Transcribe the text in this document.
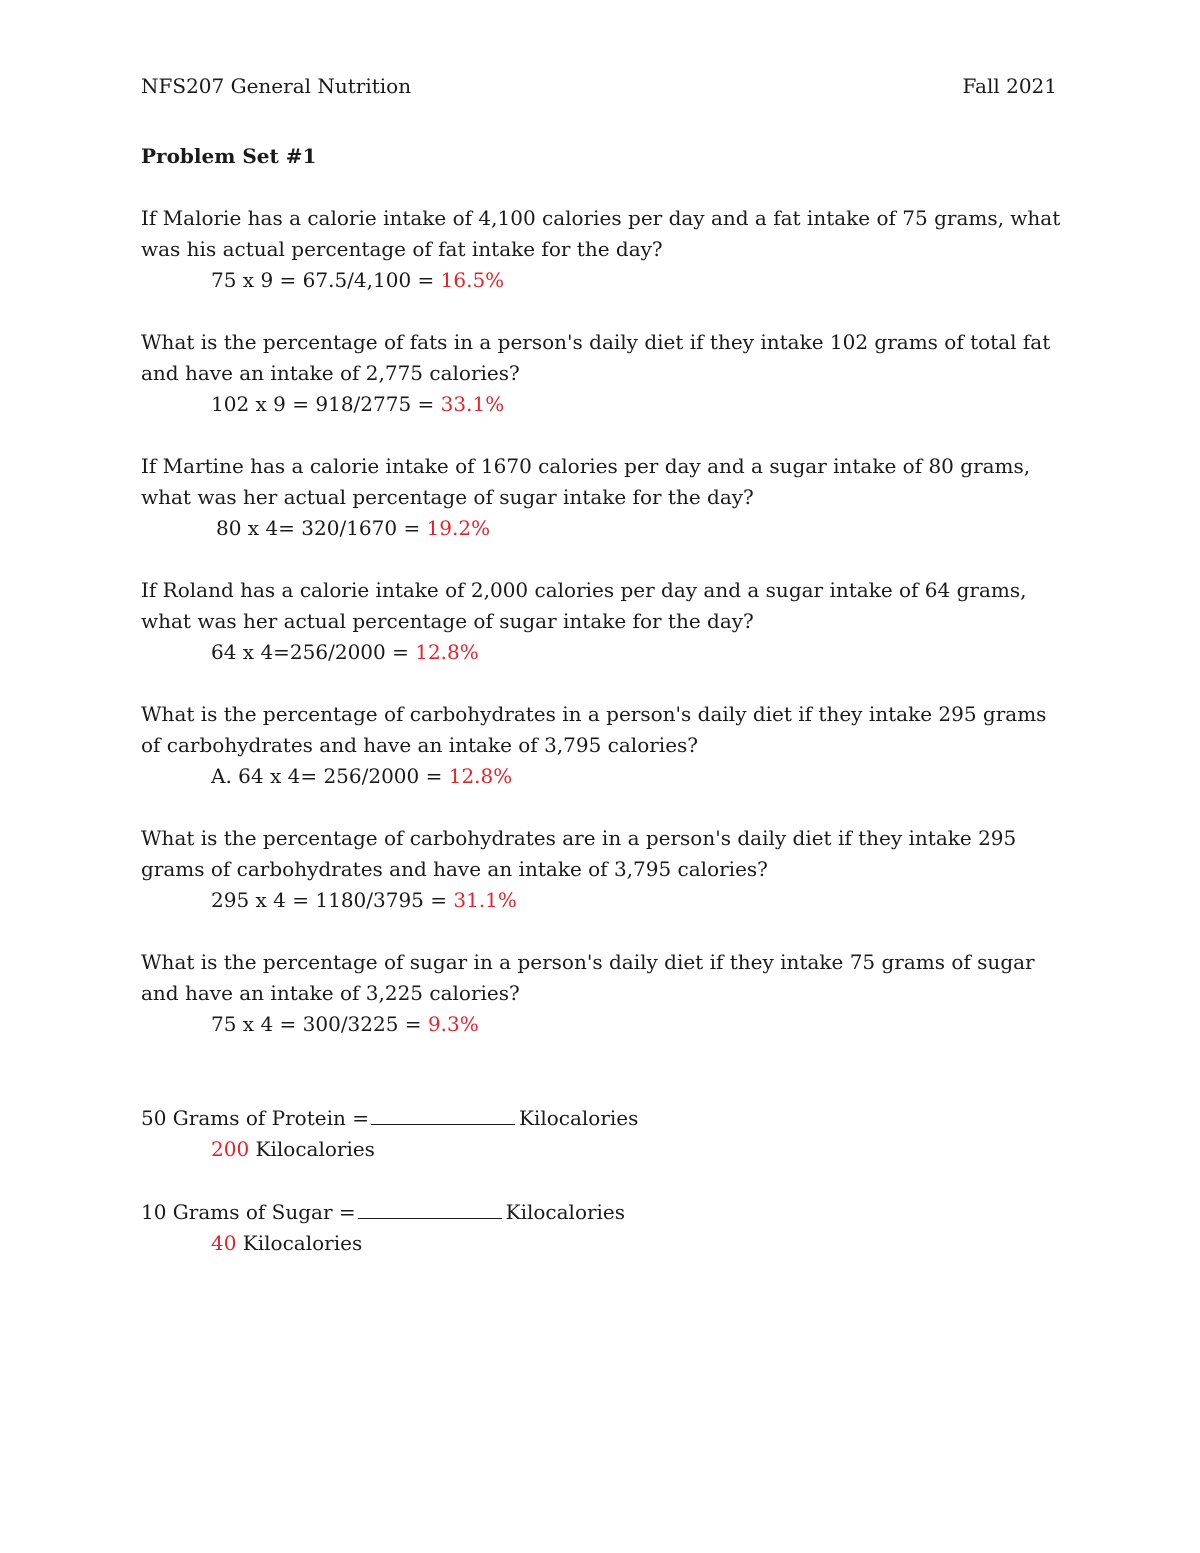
NFS207 General Nutrition	Fall 2021
Problem Set #1

If Malorie has a calorie intake of 4,100 calories per day and a fat intake of 75 grams, what was his actual percentage of fat intake for the day?

75 x 9 = 67.5/4,100 = 16.5%

What is the percentage of fats in a person's daily diet if they intake 102 grams of total fat and have an intake of 2,775 calories?

102 x 9 = 918/2775 = 33.1%

If Martine has a calorie intake of 1670 calories per day and a sugar intake of 80 grams, what was her actual percentage of sugar intake for the day?

80 x 4= 320/1670 = 19.2%

If Roland has a calorie intake of 2,000 calories per day and a sugar intake of 64 grams, what was her actual percentage of sugar intake for the day?

64 x 4=256/2000 = 12.8%

What is the percentage of carbohydrates in a person's daily diet if they intake 295 grams of carbohydrates and have an intake of 3,795 calories?

A. 64 x 4= 256/2000 = 12.8%

What is the percentage of carbohydrates are in a person's daily diet if they intake 295 grams of carbohydrates and have an intake of 3,795 calories?

295 x 4 = 1180/3795 = 31.1%

What is the percentage of sugar in a person's daily diet if they intake 75 grams of sugar and have an intake of 3,225 calories?

75 x 4 = 300/3225 = 9.3%

50 Grams of Protein =	Kilocalories

200 Kilocalories

10 Grams of Sugar =	Kilocalories

40 Kilocalories
